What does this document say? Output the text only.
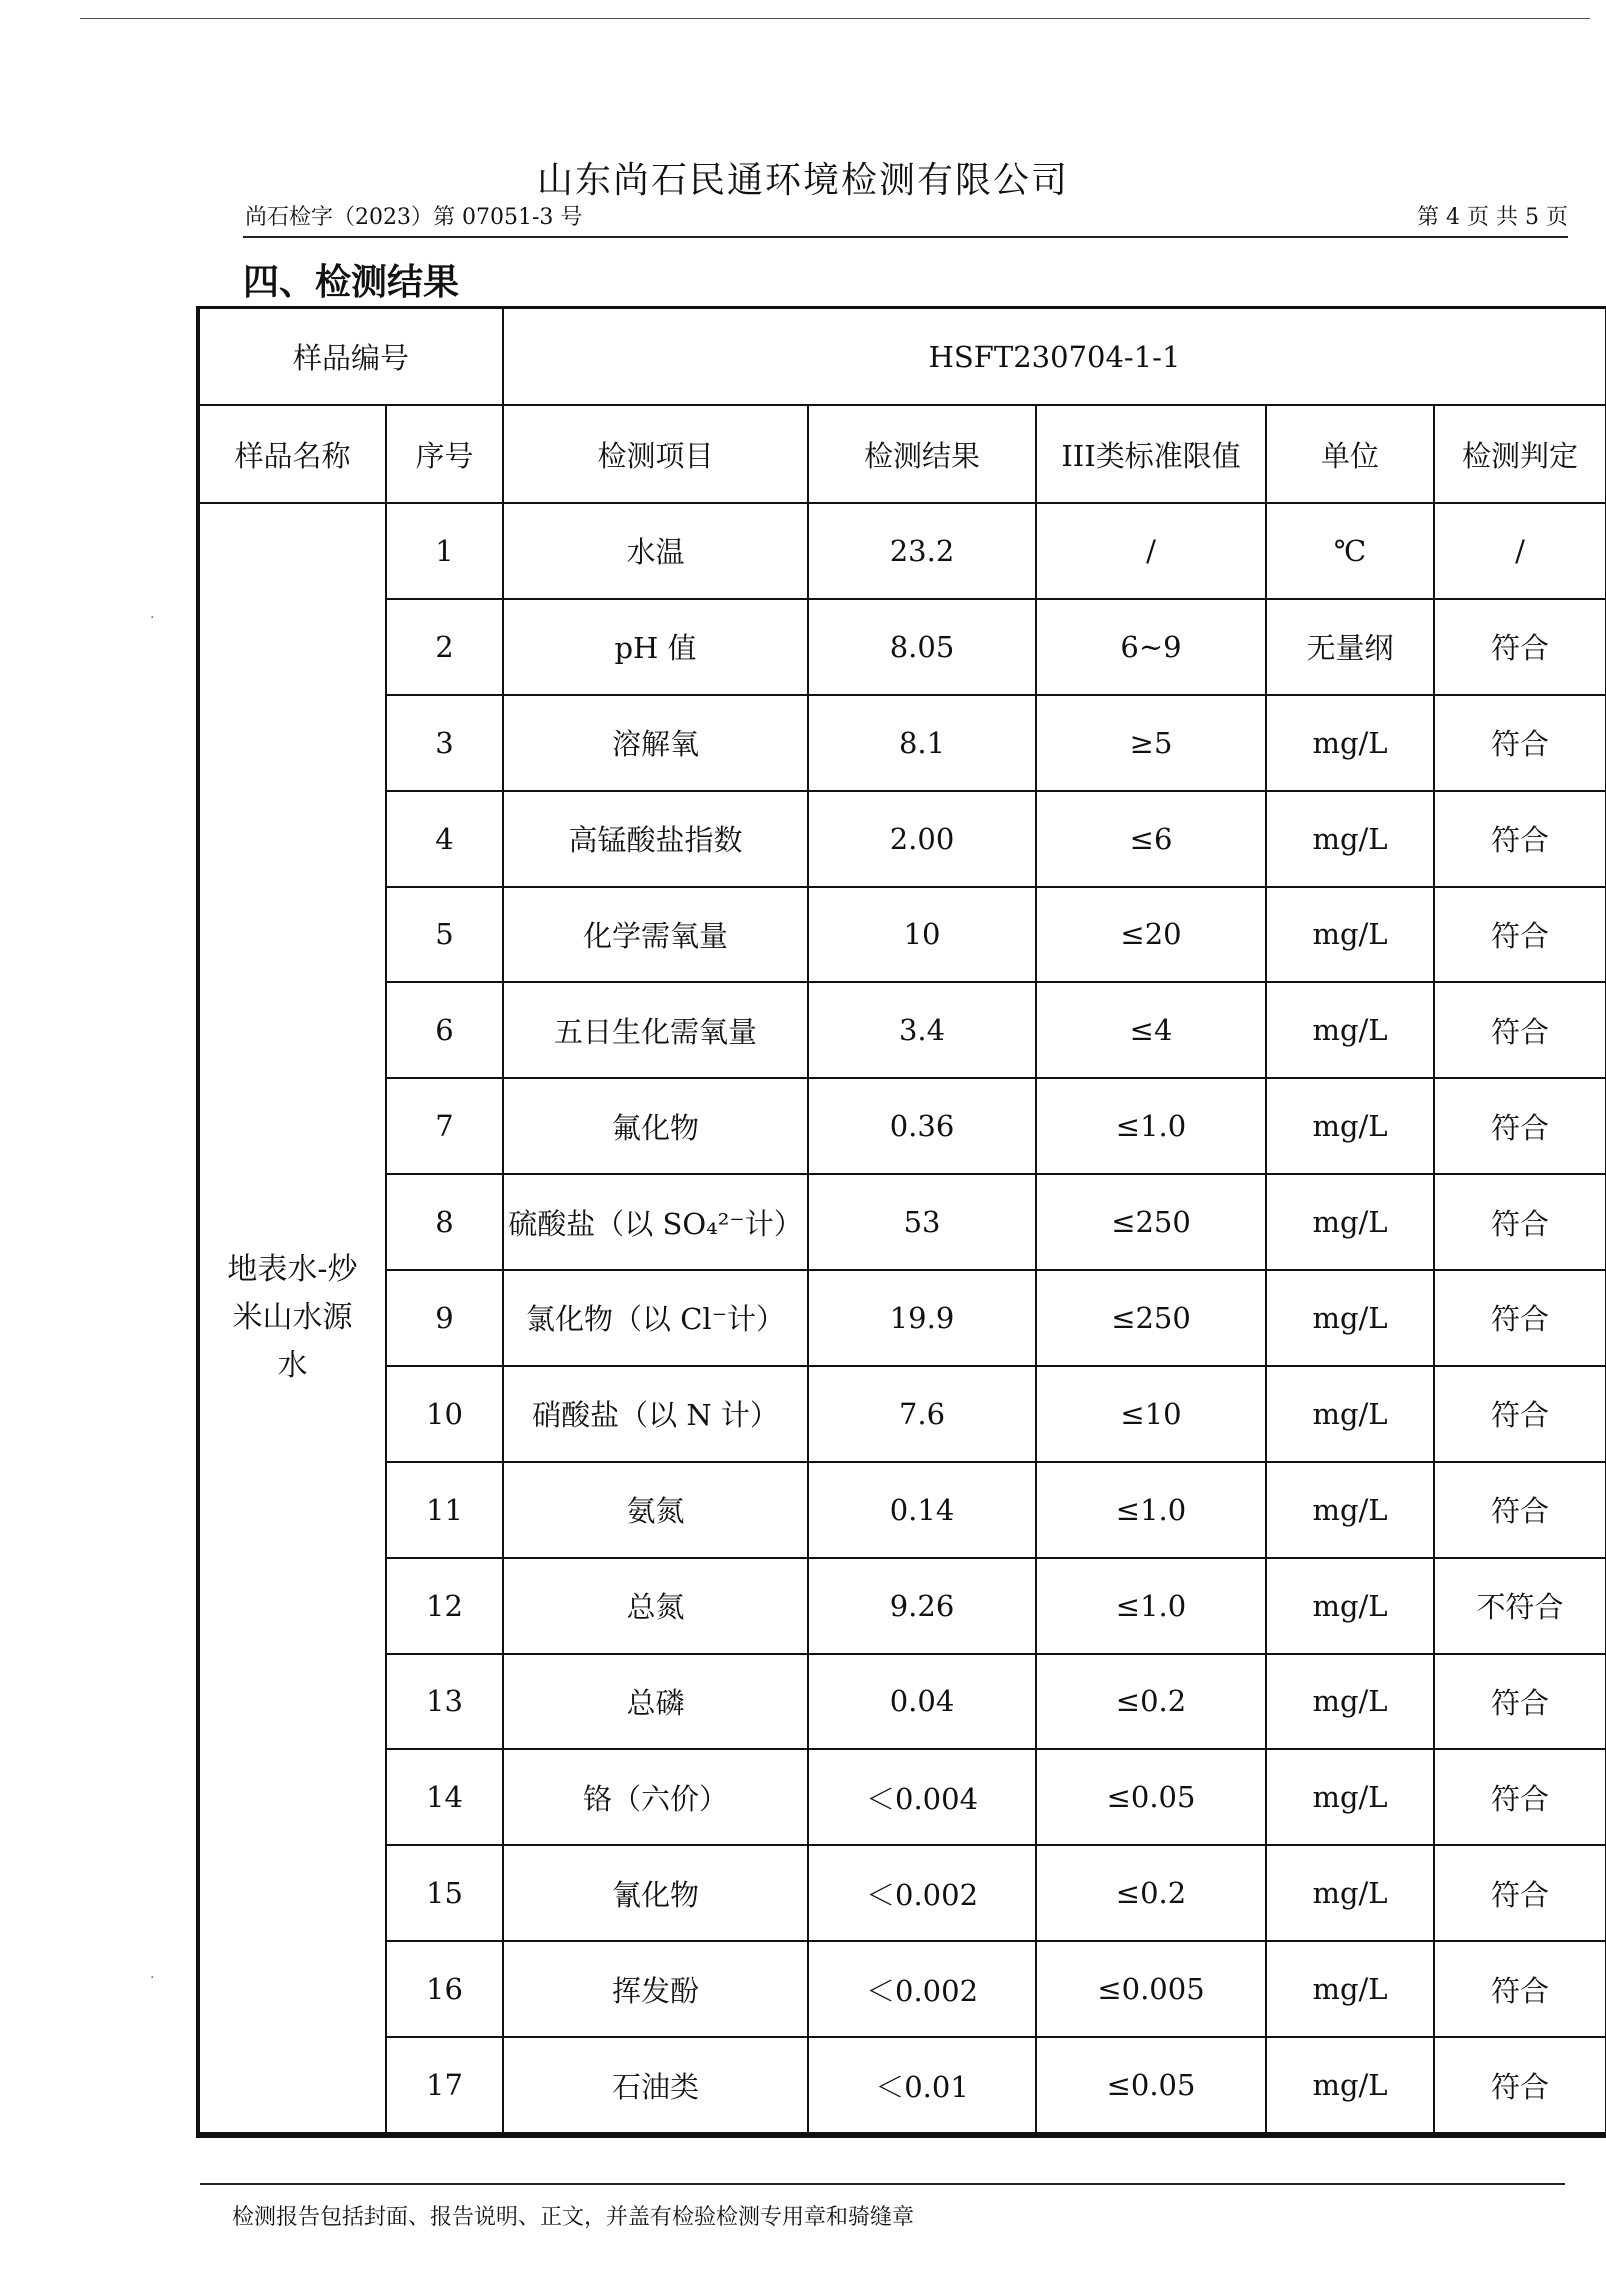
山东尚石民通环境检测有限公司
尚石检字（2023）第 07051-3 号	第 4 页 共 5 页
四、检测结果
样品编号		HSFT230704-1-1				
样品名称	序号	检测项目	检测结果	III类标准限值	单位	检测判定

地表水-炒
米山水源
水	1	水温	23.2	/	℃	/
	2	pH 值	8.05	6~9	无量纲	符合
	3	溶解氧	8.1	≥5	mg/L	符合
	4	高锰酸盐指数	2.00	≤6	mg/L	符合
	5	化学需氧量	10	≤20	mg/L	符合
	6	五日生化需氧量	3.4	≤4	mg/L	符合
	7	氟化物	0.36	≤1.0	mg/L	符合
	8	硫酸盐（以 SO₄²⁻计）	53	≤250	mg/L	符合
	9	氯化物（以 Cl⁻计）	19.9	≤250	mg/L	符合
	10	硝酸盐（以 N 计）	7.6	≤10	mg/L	符合
	11	氨氮	0.14	≤1.0	mg/L	符合
	12	总氮	9.26	≤1.0	mg/L	不符合
	13	总磷	0.04	≤0.2	mg/L	符合
	14	铬（六价）	＜0.004	≤0.05	mg/L	符合
	15	氰化物	＜0.002	≤0.2	mg/L	符合
	16	挥发酚	＜0.002	≤0.005	mg/L	符合
	17	石油类	＜0.01	≤0.05	mg/L	符合
检测报告包括封面、报告说明、正文，并盖有检验检测专用章和骑缝章
·
·
